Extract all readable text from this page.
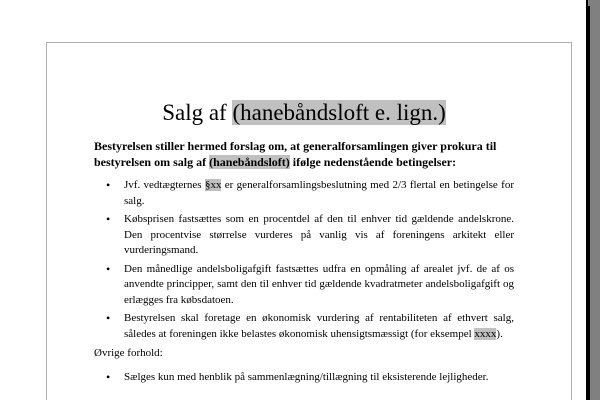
Salg af (hanebåndsloft e. lign.)

Bestyrelsen stiller hermed forslag om, at generalforsamlingen giver prokura til bestyrelsen om salg af (hanebåndsloft) ifølge nedenstående betingelser:

• Jvf. vedtægternes §xx er generalforsamlingsbeslutning med 2/3 flertal en betingelse for salg.
• Købsprisen fastsættes som en procentdel af den til enhver tid gældende andelskrone. Den procentvise størrelse vurderes på vanlig vis af foreningens arkitekt eller vurderingsmand.
• Den månedlige andelsboligafgift fastsættes udfra en opmåling af arealet jvf. de af os anvendte principper, samt den til enhver tid gældende kvadratmeter andelsboligafgift og erlægges fra købsdatoen.
• Bestyrelsen skal foretage en økonomisk vurdering af rentabiliteten af ethvert salg, således at foreningen ikke belastes økonomisk uhensigtsmæssigt (for eksempel xxxx).

Øvrige forhold:

• Sælges kun med henblik på sammenlægning/tillægning til eksisterende lejligheder.
